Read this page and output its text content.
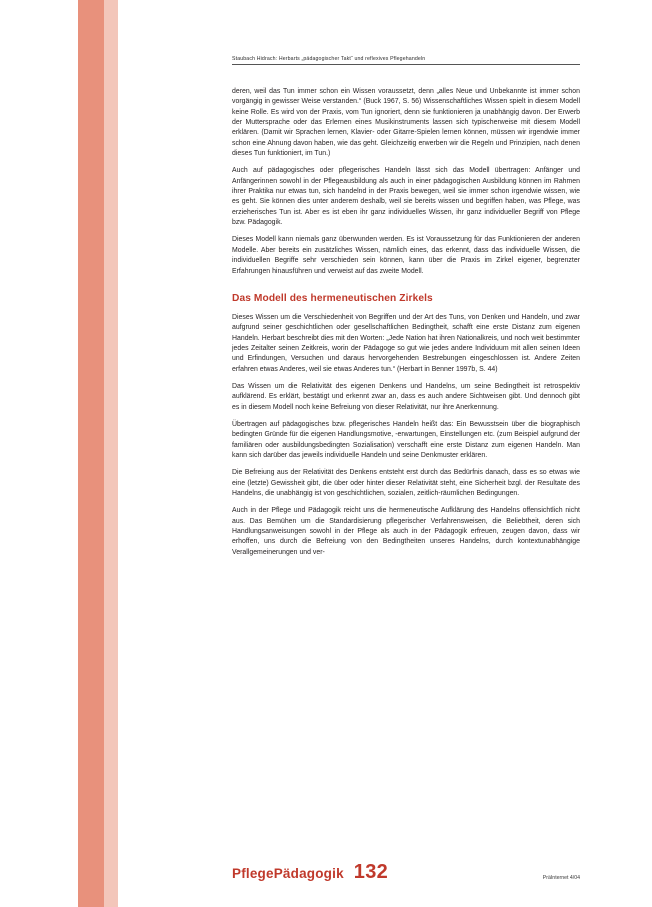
Staubach Hidrach: Herbarts „pädagogischer Takt“ und reflexives Pflegehandeln

deren, weil das Tun immer schon ein Wissen voraussetzt, denn „alles Neue und Unbekannte ist immer schon vorgängig in gewisser Weise verstanden.“ (Buck 1967, S. 56) Wissenschaftliches Wissen spielt in diesem Modell keine Rolle. Es wird von der Praxis, vom Tun ignoriert, denn sie funktionieren ja unabhängig davon. Der Erwerb der Muttersprache oder das Erlernen eines Musikinstruments lassen sich typischerweise mit diesem Modell erklären. (Damit wir Sprachen lernen, Klavier- oder Gitarre-Spielen lernen können, müssen wir irgendwie immer schon eine Ahnung davon haben, wie das geht. Gleichzeitig erwerben wir die Regeln und Prinzipien, nach denen dieses Tun funktioniert, im Tun.)

Auch auf pädagogisches oder pflegerisches Handeln lässt sich das Modell übertragen: Anfänger und Anfängerinnen sowohl in der Pflegeausbildung als auch in einer pädagogischen Ausbildung können im Rahmen ihrer Praktika nur etwas tun, sich handelnd in der Praxis bewegen, weil sie immer schon irgendwie wissen, wie es geht. Sie können dies unter anderem deshalb, weil sie bereits wissen und begriffen haben, was Pflege, was erzieherisches Tun ist. Aber es ist eben ihr ganz individuelles Wissen, ihr ganz individueller Begriff von Pflege bzw. Pädagogik.

Dieses Modell kann niemals ganz überwunden werden. Es ist Voraussetzung für das Funktionieren der anderen Modelle. Aber bereits ein zusätzliches Wissen, nämlich eines, das erkennt, dass das individuelle Wissen, die individuellen Begriffe sehr verschieden sein können, kann über die Praxis im Zirkel eigener, begrenzter Erfahrungen hinausführen und verweist auf das zweite Modell.

Das Modell des hermeneutischen Zirkels

Dieses Wissen um die Verschiedenheit von Begriffen und der Art des Tuns, von Denken und Handeln, und zwar aufgrund seiner geschichtlichen oder gesellschaftlichen Bedingtheit, schafft eine erste Distanz zum eigenen Handeln. Herbart beschreibt dies mit den Worten: „Jede Nation hat ihren Nationalkreis, und noch weit bestimmter jedes Zeitalter seinen Zeitkreis, worin der Pädagoge so gut wie jedes andere Individuum mit allen seinen Ideen und Erfindungen, Versuchen und daraus hervorgehenden Bestrebungen eingeschlossen ist. Andere Zeiten erfahren etwas Anderes, weil sie etwas Anderes tun.“ (Herbart in Benner 1997b, S. 44)

Das Wissen um die Relativität des eigenen Denkens und Handelns, um seine Bedingtheit ist retrospektiv aufklärend. Es erklärt, bestätigt und erkennt zwar an, dass es auch andere Sichtweisen gibt. Und dennoch gibt es in diesem Modell noch keine Befreiung von dieser Relativität, nur ihre Anerkennung.

Übertragen auf pädagogisches bzw. pflegerisches Handeln heißt das: Ein Bewusstsein über die biographisch bedingten Gründe für die eigenen Handlungsmotive, -erwartungen, Einstellungen etc. (zum Beispiel aufgrund der familiären oder ausbildungsbedingten Sozialisation) verschafft eine erste Distanz zum eigenen Handeln. Man kann sich darüber das jeweils individuelle Handeln und seine Denkmuster erklären.

Die Befreiung aus der Relativität des Denkens entsteht erst durch das Bedürfnis danach, dass es so etwas wie eine (letzte) Gewissheit gibt, die über oder hinter dieser Relativität steht, eine Sicherheit bzgl. der Resultate des Handelns, die unabhängig ist von geschichtlichen, sozialen, zeitlich-räumlichen Bedingungen.

Auch in der Pflege und Pädagogik reicht uns die hermeneutische Aufklärung des Handelns offensichtlich nicht aus. Das Bemühen um die Standardisierung pflegerischer Verfahrensweisen, die Beliebtheit, deren sich Handlungsanweisungen sowohl in der Pflege als auch in der Pädagogik erfreuen, zeugen davon, dass wir erhoffen, uns durch die Befreiung von den Bedingtheiten unseres Handelns, durch kontextunabhängige Verallgemeinerungen und ver-

PflegePädagogik 132	PräInternet 4/04
